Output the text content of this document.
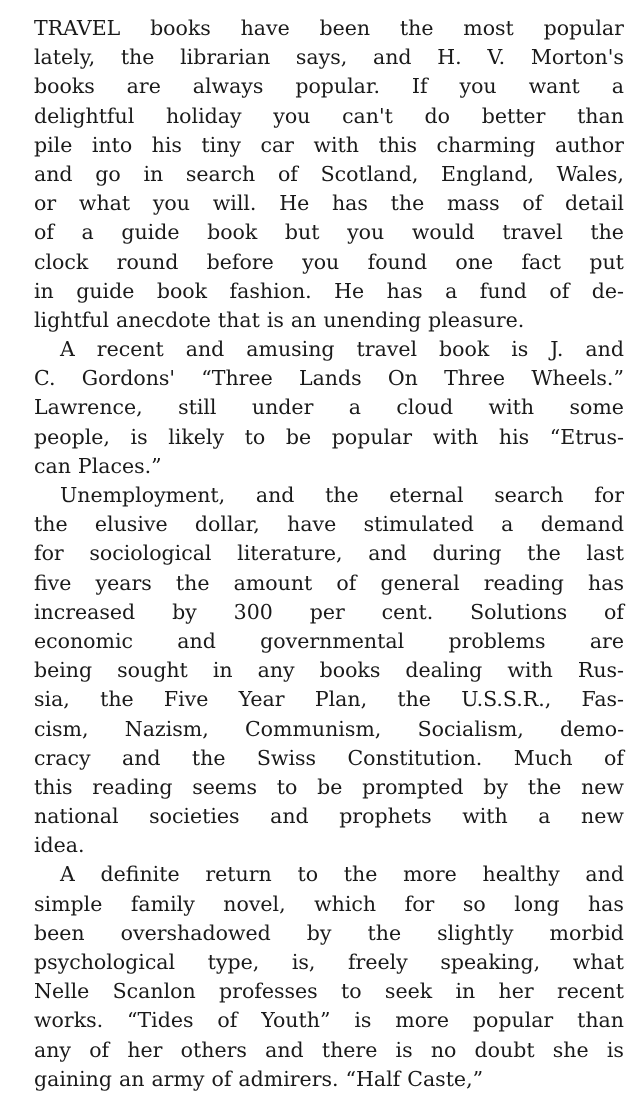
TRAVEL books have been the most popular
lately, the librarian says, and H. V. Morton's
books are always popular. If you want a
delightful holiday you can't do better than
pile into his tiny car with this charming author
and go in search of Scotland, England, Wales,
or what you will. He has the mass of detail
of a guide book but you would travel the
clock round before you found one fact put
in guide book fashion. He has a fund of de-
lightful anecdote that is an unending pleasure.
A recent and amusing travel book is J. and
C. Gordons' “Three Lands On Three Wheels.”
Lawrence, still under a cloud with some
people, is likely to be popular with his “Etrus-
can Places.”
Unemployment, and the eternal search for
the elusive dollar, have stimulated a demand
for sociological literature, and during the last
five years the amount of general reading has
increased by 300 per cent. Solutions of
economic and governmental problems are
being sought in any books dealing with Rus-
sia, the Five Year Plan, the U.S.S.R., Fas-
cism, Nazism, Communism, Socialism, demo-
cracy and the Swiss Constitution. Much of
this reading seems to be prompted by the new
national societies and prophets with a new
idea.
A definite return to the more healthy and
simple family novel, which for so long has
been overshadowed by the slightly morbid
psychological type, is, freely speaking, what
Nelle Scanlon professes to seek in her recent
works. “Tides of Youth” is more popular than
any of her others and there is no doubt she is
gaining an army of admirers. “Half Caste,”
